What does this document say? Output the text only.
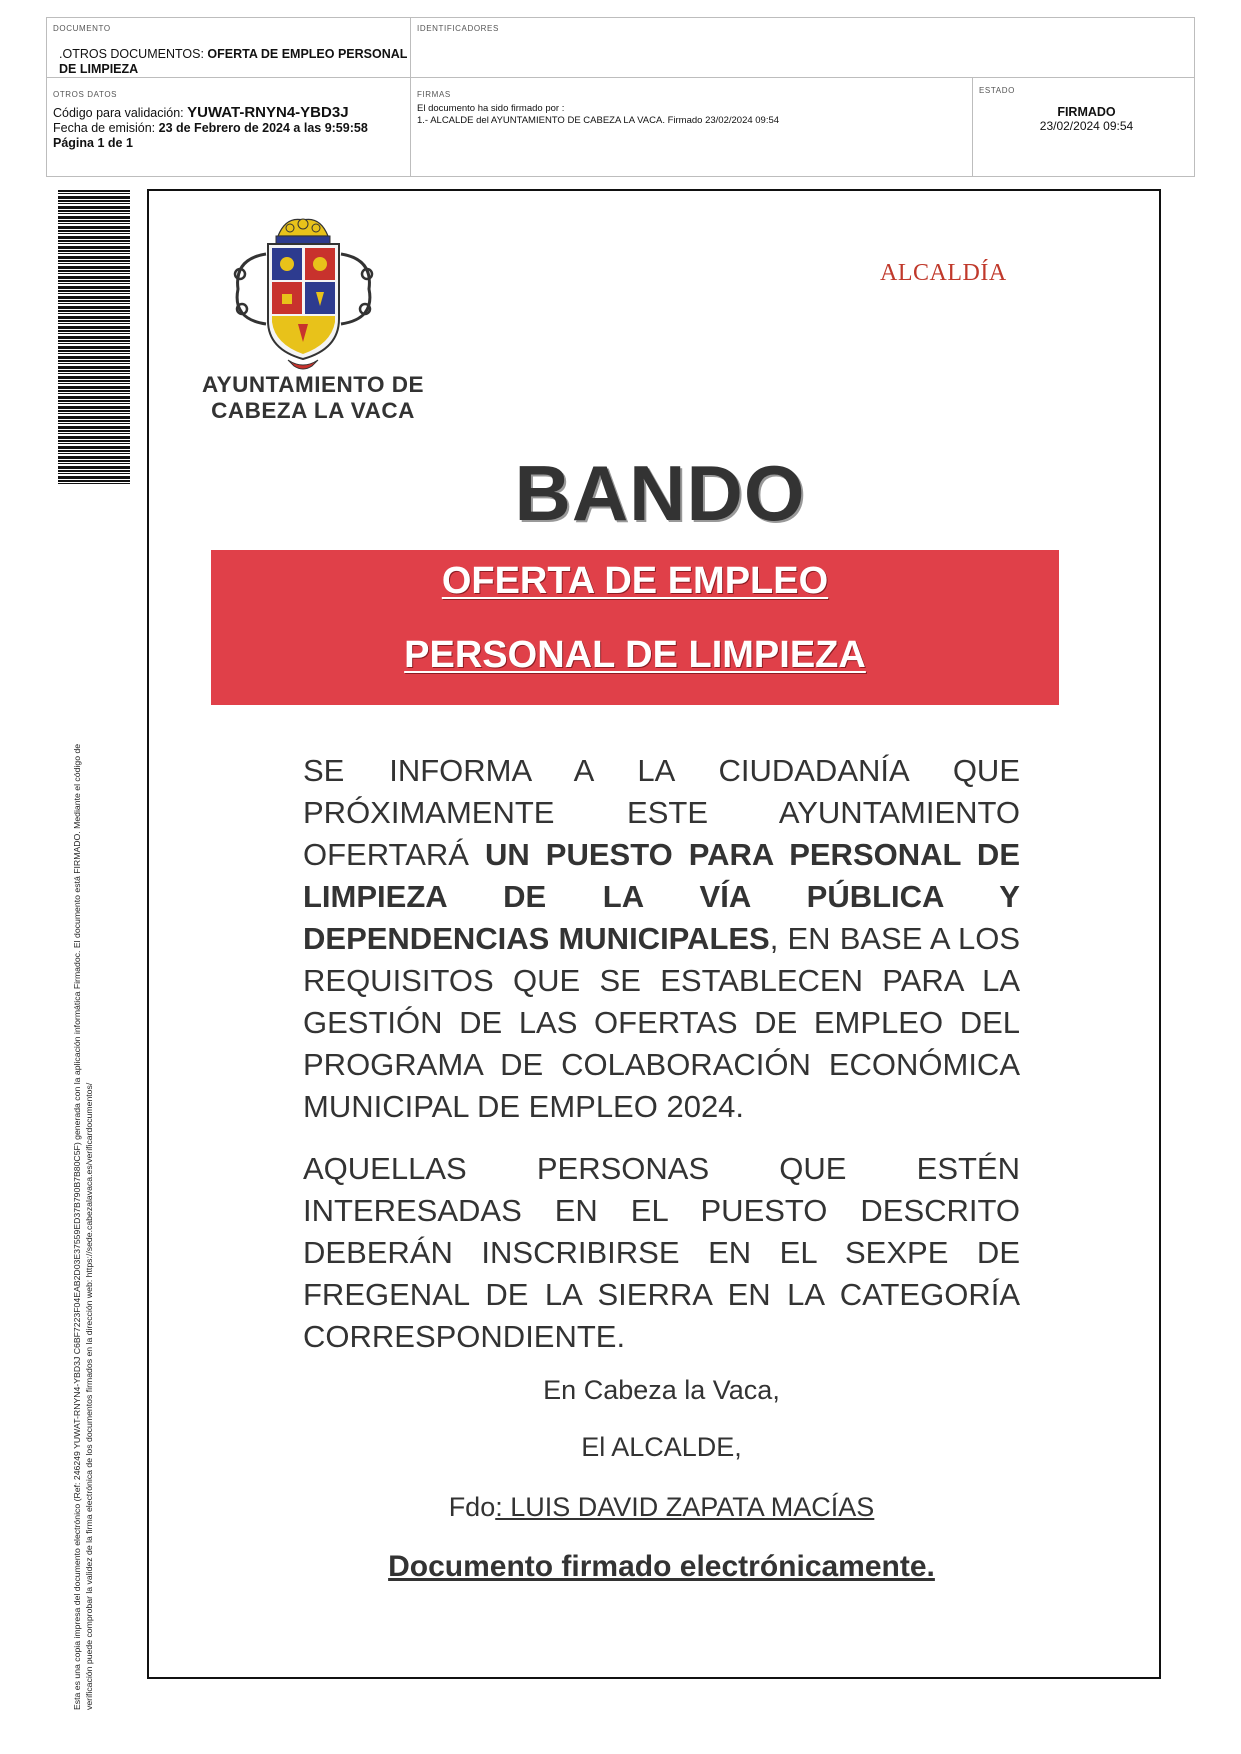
DOCUMENTO
.OTROS DOCUMENTOS: OFERTA DE EMPLEO PERSONAL
DE LIMPIEZA
IDENTIFICADORES
OTROS DATOS
Código para validación: YUWAT-RNYN4-YBD3J
Fecha de emisión: 23 de Febrero de 2024 a las 9:59:58
Página 1 de 1
FIRMAS
El documento ha sido firmado por :
1.- ALCALDE del AYUNTAMIENTO DE CABEZA LA VACA. Firmado 23/02/2024 09:54
ESTADO
FIRMADO
23/02/2024 09:54
Esta es una copia impresa del documento electrónico (Ref: 246249 YUWAT-RNYN4-YBD3J C6BF7223F04EAB2D03E37559ED37B790B7B80C5F) generada con la aplicación informática Firmadoc. El documento está FIRMADO. Mediante el código de verificación puede comprobar la validez de la firma electrónica de los documentos firmados en la dirección web: https://sede.cabezalavaca.es/verificardocumentos/
AYUNTAMIENTO DE
CABEZA LA VACA
ALCALDÍA
BANDO
OFERTA DE EMPLEO
PERSONAL DE LIMPIEZA
SE INFORMA A LA CIUDADANÍA QUE PRÓXIMAMENTE ESTE AYUNTAMIENTO OFERTARÁ UN PUESTO PARA PERSONAL DE LIMPIEZA DE LA VÍA PÚBLICA Y DEPENDENCIAS MUNICIPALES, EN BASE A LOS REQUISITOS QUE SE ESTABLECEN PARA LA GESTIÓN DE LAS OFERTAS DE EMPLEO DEL PROGRAMA DE COLABORACIÓN ECONÓMICA MUNICIPAL DE EMPLEO 2024.
AQUELLAS PERSONAS QUE ESTÉN INTERESADAS EN EL PUESTO DESCRITO DEBERÁN INSCRIBIRSE EN EL SEXPE DE FREGENAL DE LA SIERRA EN LA CATEGORÍA CORRESPONDIENTE.
En Cabeza la Vaca,
El ALCALDE,
Fdo: LUIS DAVID ZAPATA MACÍAS
Documento firmado electrónicamente.
